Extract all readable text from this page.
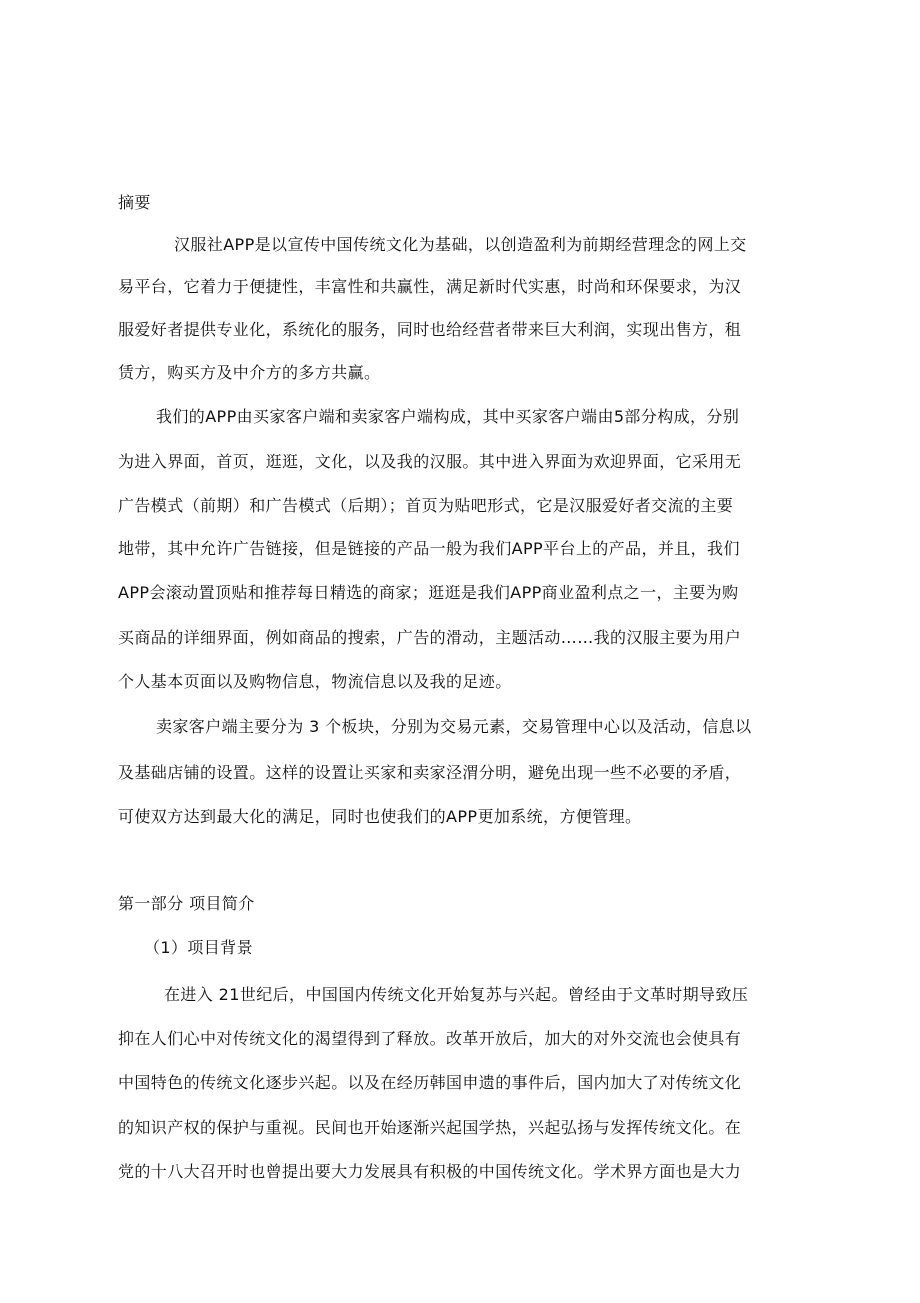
摘要
汉服社APP是以宣传中国传统文化为基础，以创造盈利为前期经营理念的网上交
易平台，它着力于便捷性，丰富性和共赢性，满足新时代实惠，时尚和环保要求，为汉
服爱好者提供专业化，系统化的服务，同时也给经营者带来巨大利润，实现出售方，租
赁方，购买方及中介方的多方共赢。
我们的APP由买家客户端和卖家客户端构成，其中买家客户端由5部分构成，分别
为进入界面，首页，逛逛，文化，以及我的汉服。其中进入界面为欢迎界面，它采用无
广告模式（前期）和广告模式（后期）；首页为贴吧形式，它是汉服爱好者交流的主要
地带，其中允许广告链接，但是链接的产品一般为我们APP平台上的产品，并且，我们
APP会滚动置顶贴和推荐每日精选的商家；逛逛是我们APP商业盈利点之一，主要为购
买商品的详细界面，例如商品的搜索，广告的滑动，主题活动……我的汉服主要为用户
个人基本页面以及购物信息，物流信息以及我的足迹。
卖家客户端主要分为 3 个板块，分别为交易元素，交易管理中心以及活动，信息以
及基础店铺的设置。这样的设置让买家和卖家泾渭分明，避免出现一些不必要的矛盾，
可使双方达到最大化的满足，同时也使我们的APP更加系统，方便管理。
第一部分 项目简介
（1）项目背景
在进入 21世纪后，中国国内传统文化开始复苏与兴起。曾经由于文革时期导致压
抑在人们心中对传统文化的渴望得到了释放。改革开放后，加大的对外交流也会使具有
中国特色的传统文化逐步兴起。以及在经历韩国申遗的事件后，国内加大了对传统文化
的知识产权的保护与重视。民间也开始逐渐兴起国学热，兴起弘扬与发挥传统文化。在
党的十八大召开时也曾提出要大力发展具有积极的中国传统文化。学术界方面也是大力
